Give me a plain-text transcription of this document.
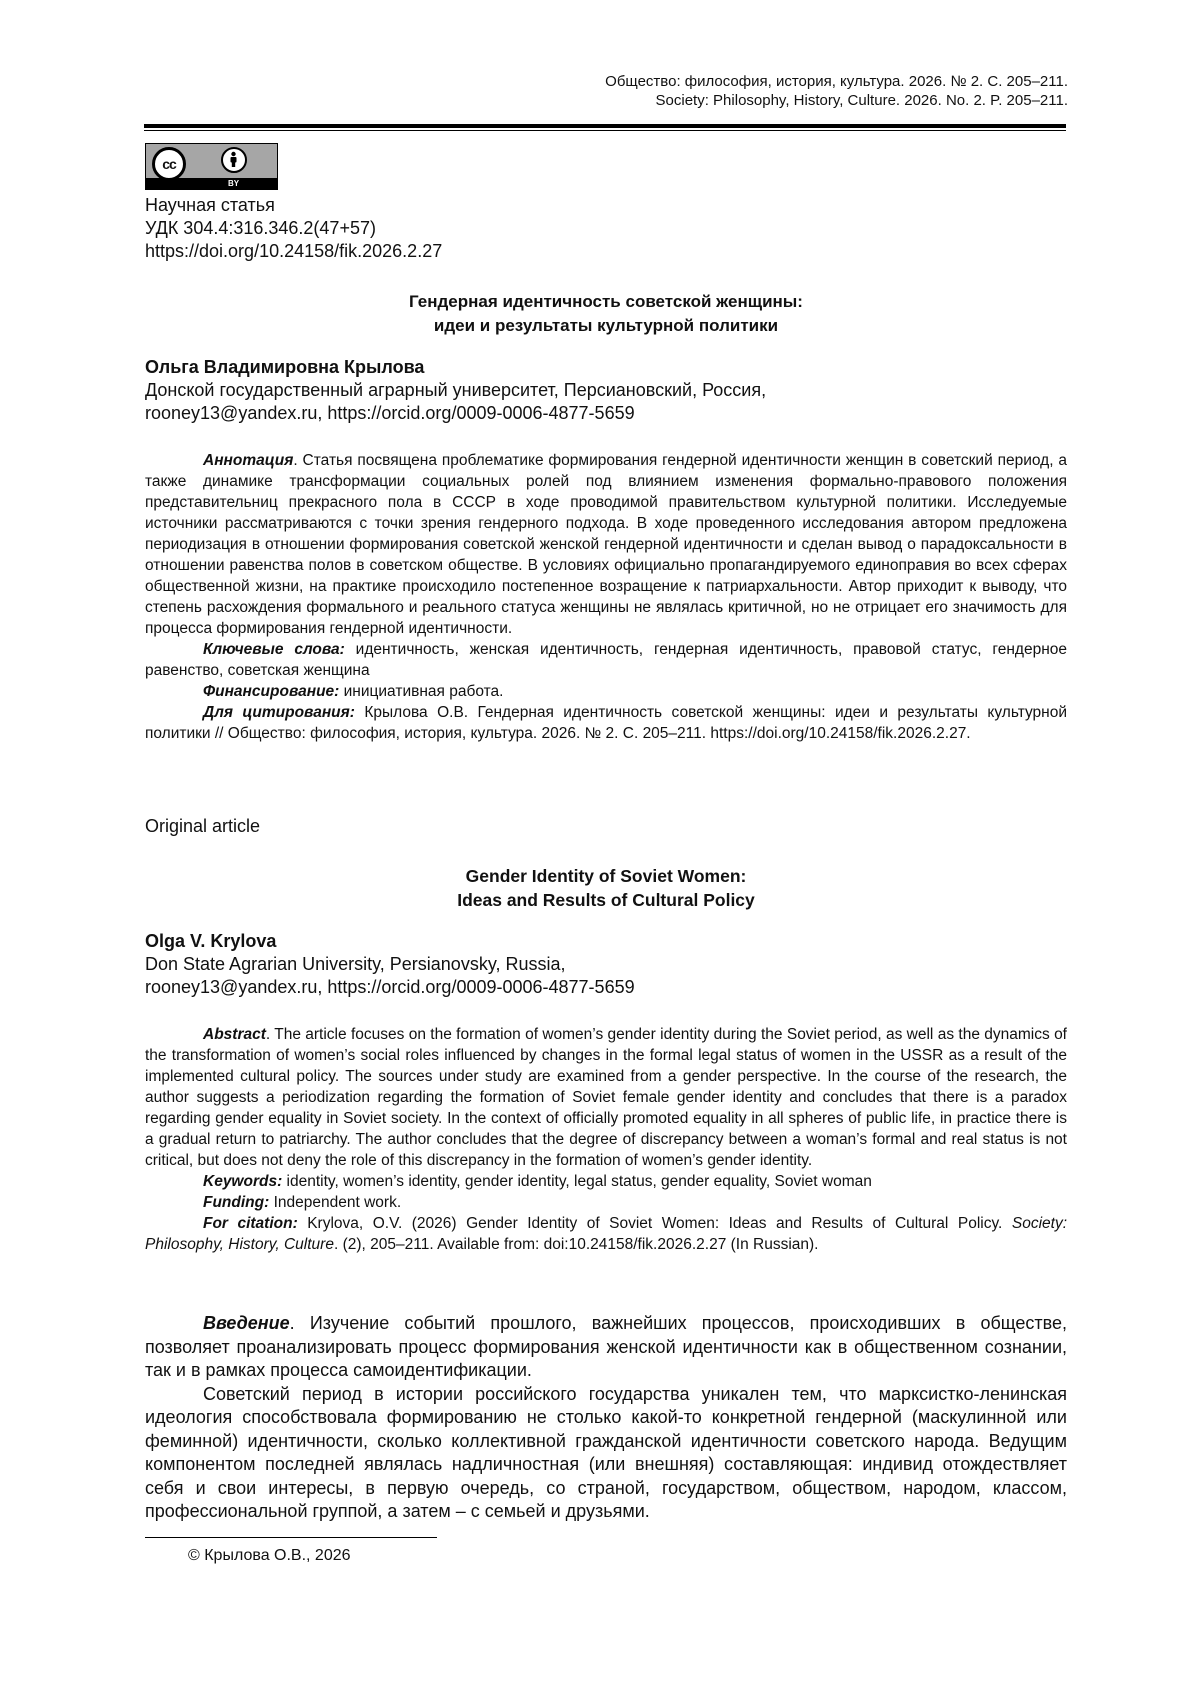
Общество: философия, история, культура. 2026. № 2. С. 205–211.
Society: Philosophy, History, Culture. 2026. No. 2. P. 205–211.
cc
BY
Научная статья
УДК 304.4:316.346.2(47+57)
https://doi.org/10.24158/fik.2026.2.27
Гендерная идентичность советской женщины:
идеи и результаты культурной политики
Ольга Владимировна Крылова
Донской государственный аграрный университет, Персиановский, Россия,
rooney13@yandex.ru, https://orcid.org/0009-0006-4877-5659

Аннотация. Статья посвящена проблематике формирования гендерной идентичности женщин в советский период, а также динамике трансформации социальных ролей под влиянием изменения формально-правового положения представительниц прекрасного пола в СССР в ходе проводимой правительством культурной политики. Исследуемые источники рассматриваются с точки зрения гендерного подхода. В ходе проведенного исследования автором предложена периодизация в отношении формирования советской женской гендерной идентичности и сделан вывод о парадоксальности в отношении равенства полов в советском обществе. В условиях официально пропагандируемого единоправия во всех сферах общественной жизни, на практике происходило постепенное возращение к патриархальности. Автор приходит к выводу, что степень расхождения формального и реального статуса женщины не являлась критичной, но не отрицает его значимость для процесса формирования гендерной идентичности.

Ключевые слова: идентичность, женская идентичность, гендерная идентичность, правовой статус, гендерное равенство, советская женщина

Финансирование: инициативная работа.

Для цитирования: Крылова О.В. Гендерная идентичность советской женщины: идеи и результаты культурной политики // Общество: философия, история, культура. 2026. № 2. С. 205–211. https://doi.org/10.24158/fik.2026.2.27.

Original article
Gender Identity of Soviet Women:
Ideas and Results of Cultural Policy
Olga V. Krylova
Don State Agrarian University, Persianovsky, Russia,
rooney13@yandex.ru, https://orcid.org/0009-0006-4877-5659

Abstract. The article focuses on the formation of women’s gender identity during the Soviet period, as well as the dynamics of the transformation of women’s social roles influenced by changes in the formal legal status of women in the USSR as a result of the implemented cultural policy. The sources under study are examined from a gender perspective. In the course of the research, the author suggests a periodization regarding the formation of Soviet female gender identity and concludes that there is a paradox regarding gender equality in Soviet society. In the context of officially promoted equality in all spheres of public life, in practice there is a gradual return to patriarchy. The author concludes that the degree of discrepancy between a woman’s formal and real status is not critical, but does not deny the role of this discrepancy in the formation of women’s gender identity.

Keywords: identity, women’s identity, gender identity, legal status, gender equality, Soviet woman

Funding: Independent work.

For citation: Krylova, O.V. (2026) Gender Identity of Soviet Women: Ideas and Results of Cultural Policy. Society: Philosophy, History, Culture. (2), 205–211. Available from: doi:10.24158/fik.2026.2.27 (In Russian).

Введение. Изучение событий прошлого, важнейших процессов, происходивших в обществе, позволяет проанализировать процесс формирования женской идентичности как в общественном сознании, так и в рамках процесса самоидентификации.

Советский период в истории российского государства уникален тем, что марксистко-ленинская идеология способствовала формированию не столько какой-то конкретной гендерной (маскулинной или феминной) идентичности, сколько коллективной гражданской идентичности советского народа. Ведущим компонентом последней являлась надличностная (или внешняя) составляющая: индивид отождествляет себя и свои интересы, в первую очередь, со страной, государством, обществом, народом, классом, профессиональной группой, а затем – с семьей и друзьями.

© Крылова О.В., 2026
